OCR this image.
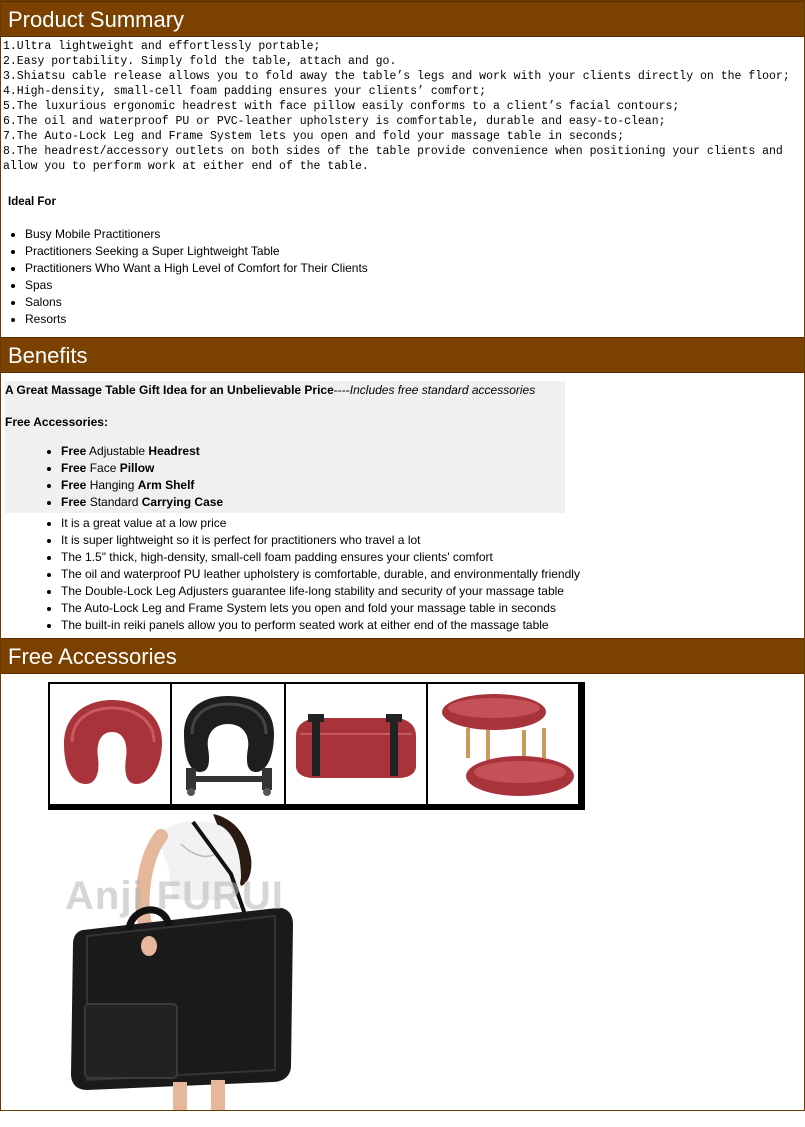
Product Summary
1.Ultra lightweight and effortlessly portable;
2.Easy portability. Simply fold the table, attach and go.
3.Shiatsu cable release allows you to fold away the table’s legs and work with your clients directly on the floor;
4.High-density, small-cell foam padding ensures your clients’ comfort;
5.The luxurious ergonomic headrest with face pillow easily conforms to a client’s facial contours;
6.The oil and waterproof PU or PVC-leather upholstery is comfortable, durable and easy-to-clean;
7.The Auto-Lock Leg and Frame System lets you open and fold your massage table in seconds;
8.The headrest/accessory outlets on both sides of the table provide convenience when positioning your clients and allow you to perform work at either end of the table.
Ideal For
• Busy Mobile Practitioners
• Practitioners Seeking a Super Lightweight Table
• Practitioners Who Want a High Level of Comfort for Their Clients
• Spas
• Salons
• Resorts
Benefits
A Great Massage Table Gift Idea for an Unbelievable Price----Includes free standard accessories
Free Accessories:
• Free Adjustable Headrest
• Free Face Pillow
• Free Hanging Arm Shelf
• Free Standard Carrying Case
• It is a great value at a low price
• It is super lightweight so it is perfect for practitioners who travel a lot
• The 1.5" thick, high-density, small-cell foam padding ensures your clients' comfort
• The oil and waterproof PU leather upholstery is comfortable, durable, and environmentally friendly
• The Double-Lock Leg Adjusters guarantee life-long stability and security of your massage table
• The Auto-Lock Leg and Frame System lets you open and fold your massage table in seconds
• The built-in reiki panels allow you to perform seated work at either end of the massage table
Free Accessories
Anji FURUI
